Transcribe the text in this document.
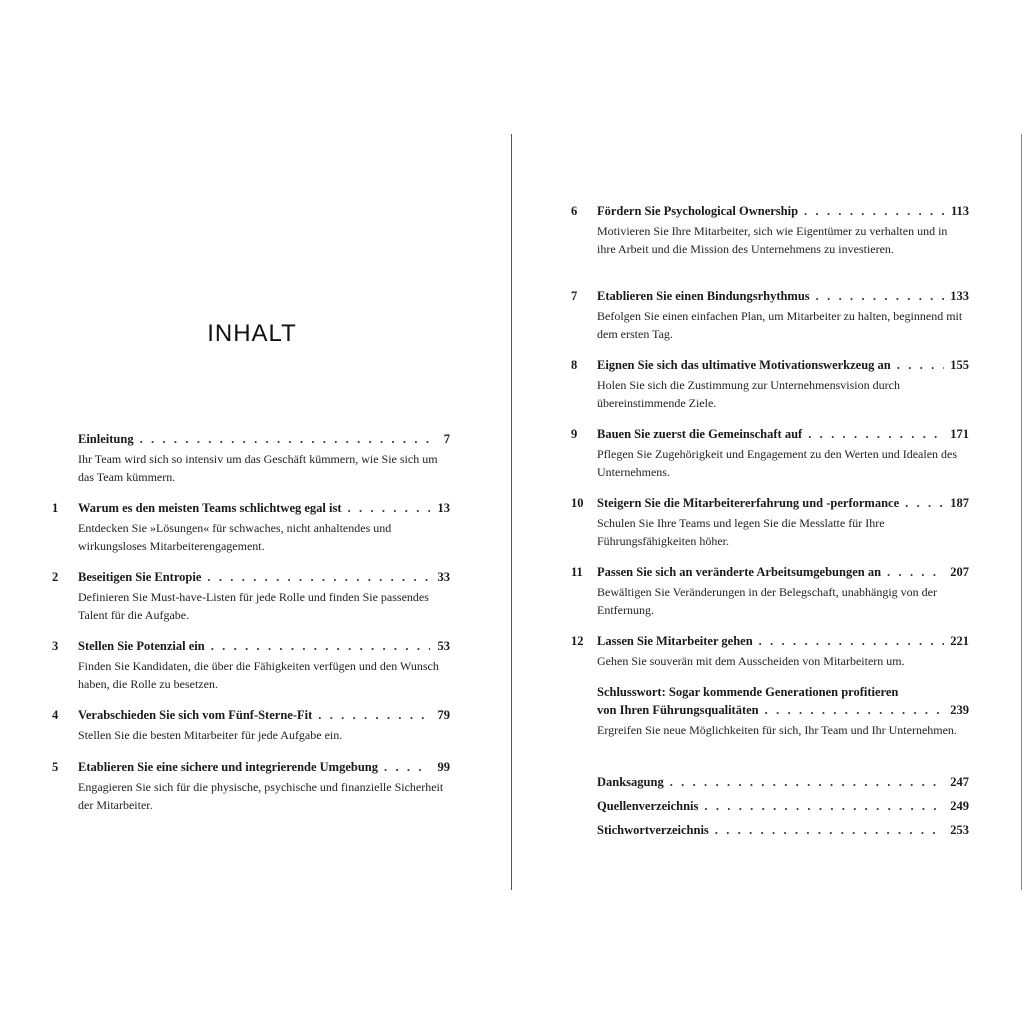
INHALT
Einleitung . . .	7
Ihr Team wird sich so intensiv um das Geschäft kümmern, wie Sie sich um das Team kümmern.
1	Warum es den meisten Teams schlichtweg egal ist . . .	13
Entdecken Sie »Lösungen« für schwaches, nicht anhaltendes und wirkungsloses Mitarbeiterengagement.
2	Beseitigen Sie Entropie . . .	33
Definieren Sie Must-have-Listen für jede Rolle und finden Sie passendes Talent für die Aufgabe.
3	Stellen Sie Potenzial ein . . .	53
Finden Sie Kandidaten, die über die Fähigkeiten verfügen und den Wunsch haben, die Rolle zu besetzen.
4	Verabschieden Sie sich vom Fünf-Sterne-Fit . . .	79
Stellen Sie die besten Mitarbeiter für jede Aufgabe ein.
5	Etablieren Sie eine sichere und integrierende Umgebung . . .	99
Engagieren Sie sich für die physische, psychische und finanzielle Sicherheit der Mitarbeiter.
6	Fördern Sie Psychological Ownership . . .	113
Motivieren Sie Ihre Mitarbeiter, sich wie Eigentümer zu verhalten und in ihre Arbeit und die Mission des Unternehmens zu investieren.
7	Etablieren Sie einen Bindungsrhythmus . . .	133
Befolgen Sie einen einfachen Plan, um Mitarbeiter zu halten, beginnend mit dem ersten Tag.
8	Eignen Sie sich das ultimative Motivationswerkzeug an . . .	155
Holen Sie sich die Zustimmung zur Unternehmensvision durch übereinstimmende Ziele.
9	Bauen Sie zuerst die Gemeinschaft auf . . .	171
Pflegen Sie Zugehörigkeit und Engagement zu den Werten und Idealen des Unternehmens.
10	Steigern Sie die Mitarbeitererfahrung und -performance . . .	187
Schulen Sie Ihre Teams und legen Sie die Messlatte für Ihre Führungsfähigkeiten höher.
11	Passen Sie sich an veränderte Arbeitsumgebungen an . . .	207
Bewältigen Sie Veränderungen in der Belegschaft, unabhängig von der Entfernung.
12	Lassen Sie Mitarbeiter gehen . . .	221
Gehen Sie souverän mit dem Ausscheiden von Mitarbeitern um.
Schlusswort: Sogar kommende Generationen profitieren
von Ihren Führungsqualitäten . . .	239
Ergreifen Sie neue Möglichkeiten für sich, Ihr Team und Ihr Unternehmen.
Danksagung . . .	247
Quellenverzeichnis . . .	249
Stichwortverzeichnis . . .	253
